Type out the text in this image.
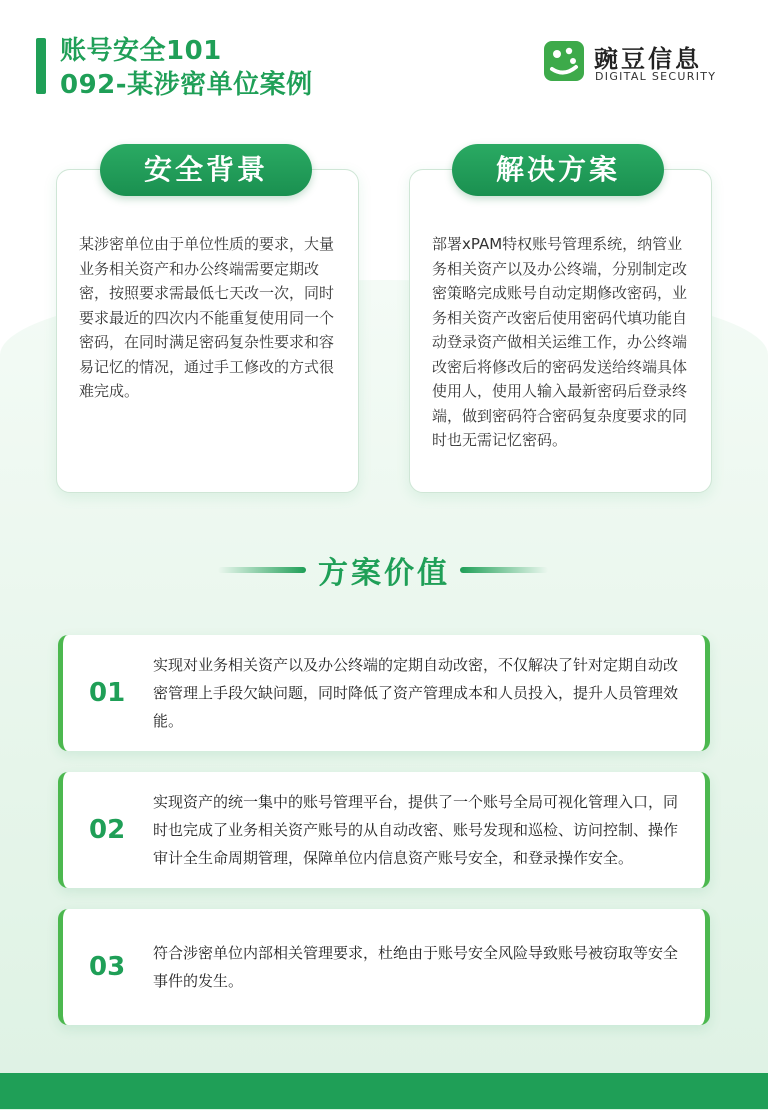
账号安全101
092-某涉密单位案例
豌豆信息
DIGITAL SECURITY
某涉密单位由于单位性质的要求，大量业务相关资产和办公终端需要定期改密，按照要求需最低七天改一次，同时要求最近的四次内不能重复使用同一个密码，在同时满足密码复杂性要求和容易记忆的情况，通过手工修改的方式很难完成。
安全背景
部署xPAM特权账号管理系统，纳管业务相关资产以及办公终端，分别制定改密策略完成账号自动定期修改密码，业务相关资产改密后使用密码代填功能自动登录资产做相关运维工作，办公终端改密后将修改后的密码发送给终端具体使用人，使用人输入最新密码后登录终端，做到密码符合密码复杂度要求的同时也无需记忆密码。
解决方案
方案价值
01
实现对业务相关资产以及办公终端的定期自动改密，不仅解决了针对定期自动改密管理上手段欠缺问题，同时降低了资产管理成本和人员投入，提升人员管理效能。
02
实现资产的统一集中的账号管理平台，提供了一个账号全局可视化管理入口，同时也完成了业务相关资产账号的从自动改密、账号发现和巡检、访问控制、操作审计全生命周期管理，保障单位内信息资产账号安全，和登录操作安全。
03 符合涉密单位内部相关管理要求，杜绝由于账号安全风险导致账号被窃取等安全事件的发生。
